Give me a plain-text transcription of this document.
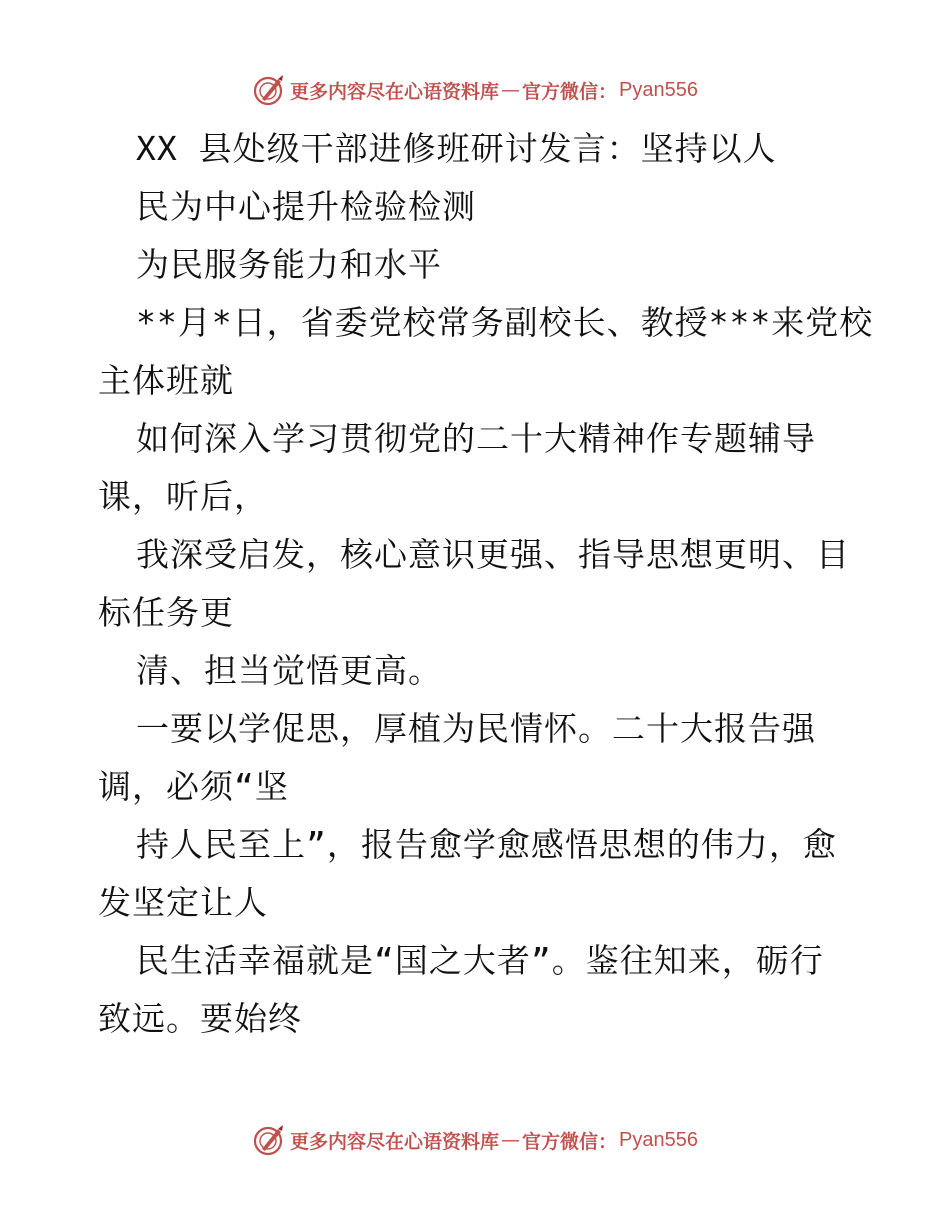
更多内容尽在心语资料库 — 官方微信： Pyan556
XX 县处级干部进修班研讨发言：坚持以人
民为中心提升检验检测
为民服务能力和水平
**月*日，省委党校常务副校长、教授***来党校
主体班就
如何深入学习贯彻党的二十大精神作专题辅导
课，听后，
我深受启发，核心意识更强、指导思想更明、目
标任务更
清、担当觉悟更高。
一要以学促思，厚植为民情怀。二十大报告强
调，必须“坚
持人民至上”，报告愈学愈感悟思想的伟力，愈
发坚定让人
民生活幸福就是“国之大者”。鉴往知来，砺行
致远。要始终
更多内容尽在心语资料库 — 官方微信： Pyan556
